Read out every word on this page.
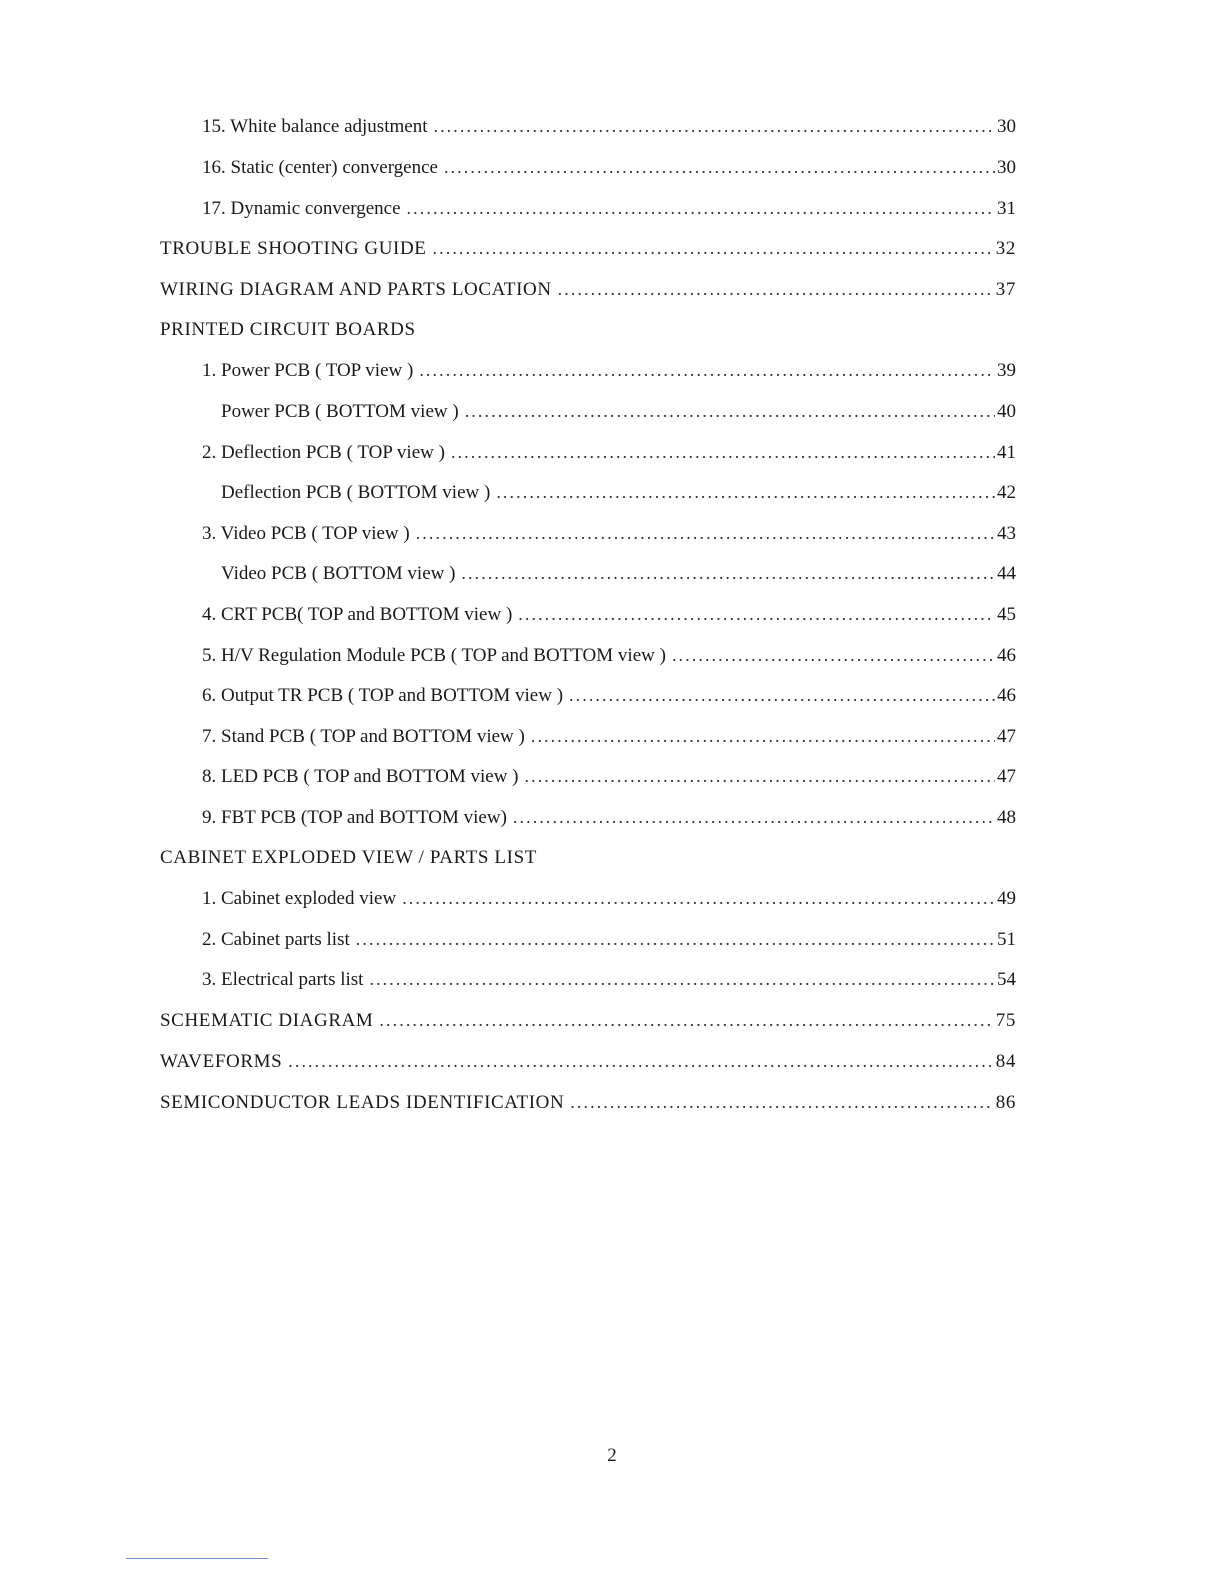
15. White balance adjustment . . .	30
16. Static (center) convergence . . .	30
17. Dynamic convergence . . .	31
TROUBLE SHOOTING GUIDE . . .	32
WIRING DIAGRAM AND PARTS LOCATION . . .	37
PRINTED CIRCUIT BOARDS
1. Power PCB ( TOP view ) . . .	39
Power PCB ( BOTTOM view ) . . .	40
2. Deflection PCB ( TOP view ) . . .	41
Deflection PCB ( BOTTOM view ) . . .	42
3. Video PCB ( TOP view ) . . .	43
Video PCB ( BOTTOM view ) . . .	44
4. CRT PCB( TOP and BOTTOM view ) . . .	45
5. H/V Regulation Module PCB ( TOP and BOTTOM view ) . . .	46
6. Output TR PCB ( TOP and BOTTOM view ) . . .	46
7. Stand PCB ( TOP and BOTTOM view ) . . .	47
8. LED PCB ( TOP and BOTTOM view ) . . .	47
9. FBT PCB (TOP and BOTTOM view) . . .	48
CABINET EXPLODED VIEW / PARTS LIST
1. Cabinet exploded view . . .	49
2. Cabinet parts list . . .	51
3. Electrical parts list . . .	54
SCHEMATIC DIAGRAM . . .	75
WAVEFORMS . . .	84
SEMICONDUCTOR LEADS IDENTIFICATION . . .	86
2
